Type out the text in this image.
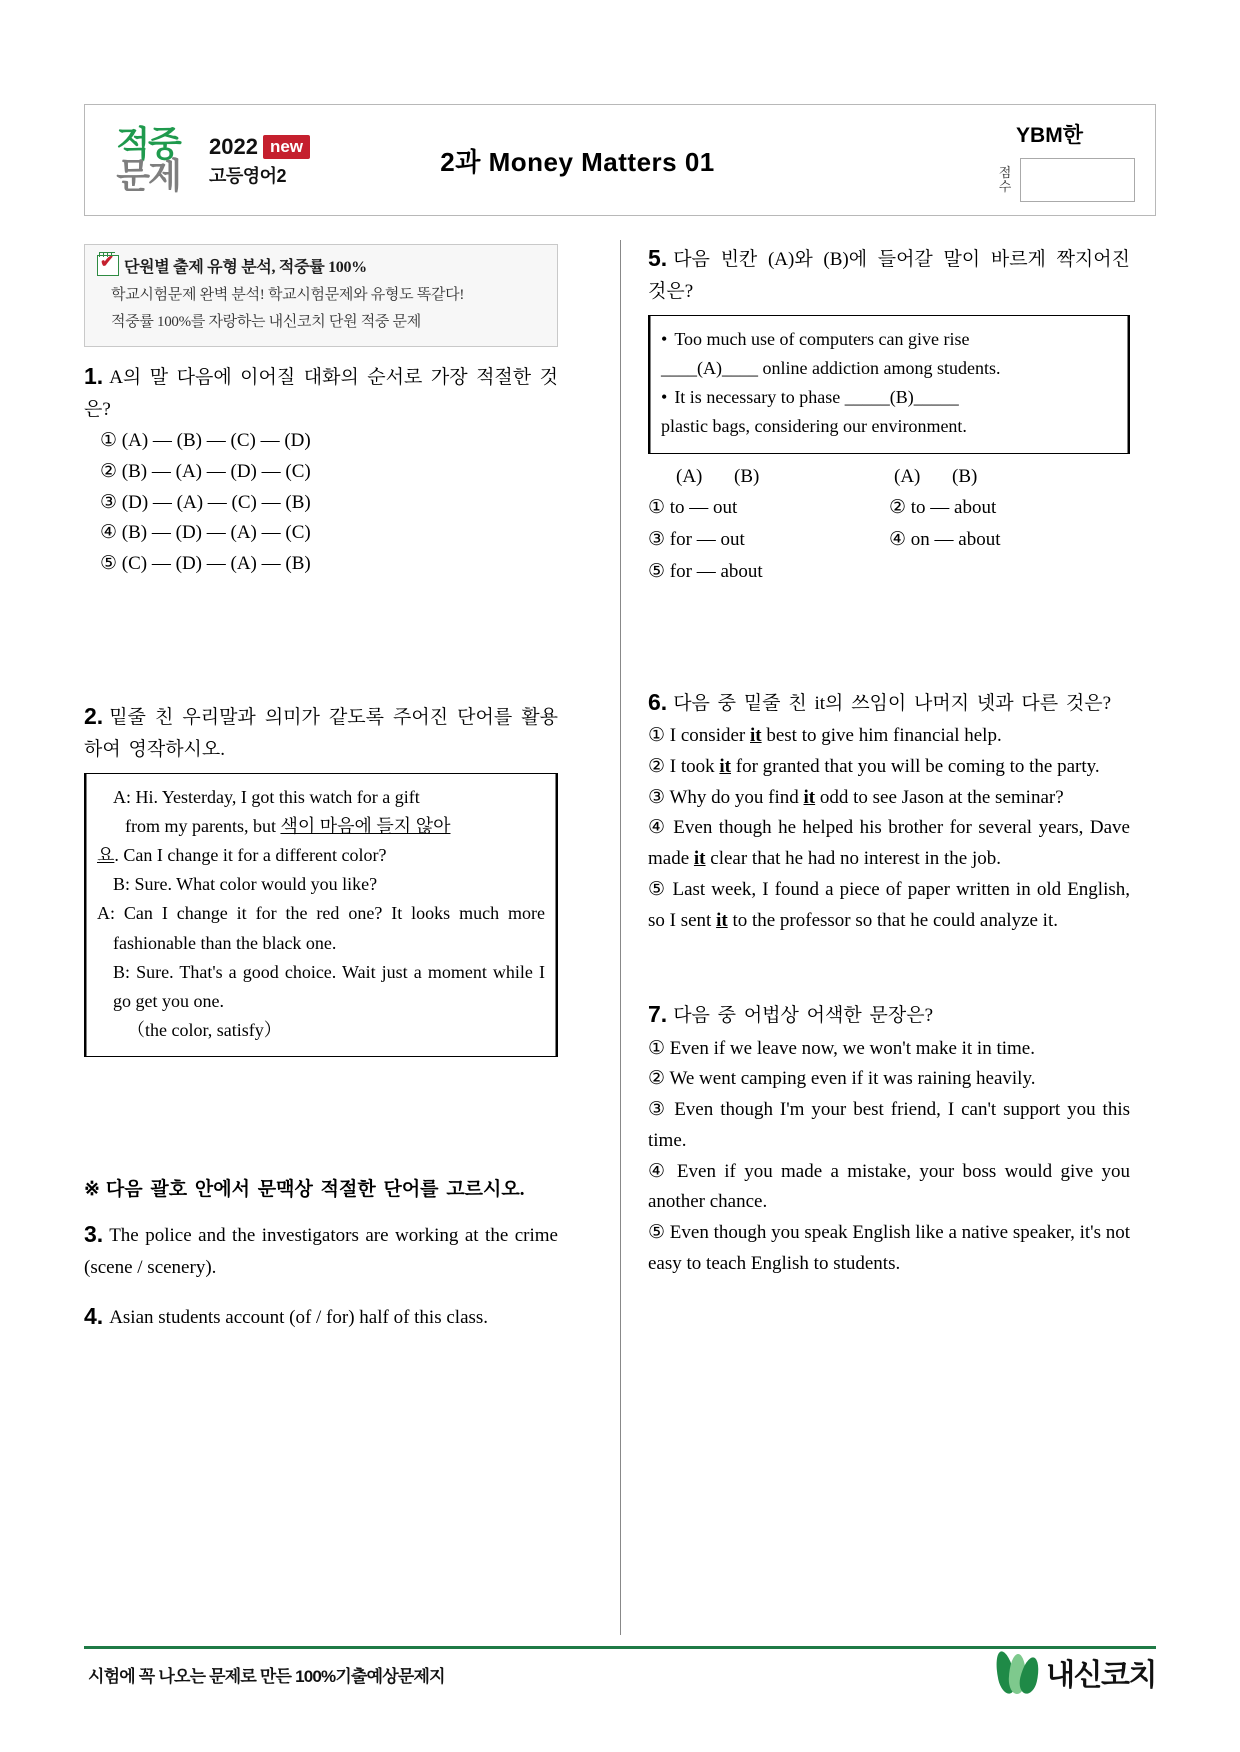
적중
문제
2022 new
고등영어2	2과 Money Matters 01
YBM한
점
수
✔
단원별 출제 유형 분석, 적중률 100%
학교시험문제 완벽 분석! 학교시험문제와 유형도 똑같다!
적중률 100%를 자랑하는 내신코치 단원 적중 문제
1. A의 말 다음에 이어질 대화의 순서로 가장 적절한 것은?
① (A) — (B) — (C) — (D)
② (B) — (A) — (D) — (C)
③ (D) — (A) — (C) — (B)
④ (B) — (D) — (A) — (C)
⑤ (C) — (D) — (A) — (B)
2. 밑줄 친 우리말과 의미가 같도록 주어진 단어를 활용하여 영작하시오.

A: Hi. Yesterday, I got this watch for a gift

from my parents, but 색이 마음에 들지 않아

요. Can I change it for a different color?

B: Sure. What color would you like?

A: Can I change it for the red one? It looks much more fashionable than the black one.

B: Sure. That's a good choice. Wait just a moment while I go get you one.

（the color, satisfy）

※ 다음 괄호 안에서 문맥상 적절한 단어를 고르시오.
3. The police and the investigators are working at the crime (scene / scenery).
4. Asian students account (of / for) half of this class.
5. 다음 빈칸 (A)와 (B)에 들어갈 말이 바르게 짝지어진 것은?

• Too much use of computers can give rise

____(A)____ online addiction among students.

• It is necessary to phase _____(B)_____

plastic bags, considering our environment.

(A)	(B)	(A)	(B)
① to — out	② to — about
③ for — out	④ on — about
⑤ for — about
6. 다음 중 밑줄 친 it의 쓰임이 나머지 넷과 다른 것은?
① I consider it best to give him financial help.
② I took it for granted that you will be coming to the party.
③ Why do you find it odd to see Jason at the seminar?
④ Even though he helped his brother for several years, Dave made it clear that he had no interest in the job.
⑤ Last week, I found a piece of paper written in old English, so I sent it to the professor so that he could analyze it.
7. 다음 중 어법상 어색한 문장은?
① Even if we leave now, we won't make it in time.
② We went camping even if it was raining heavily.
③ Even though I'm your best friend, I can't support you this time.
④ Even if you made a mistake, your boss would give you another chance.
⑤ Even though you speak English like a native speaker, it's not easy to teach English to students.
시험에 꼭 나오는 문제로 만든 100%기출예상문제지	내신코치
